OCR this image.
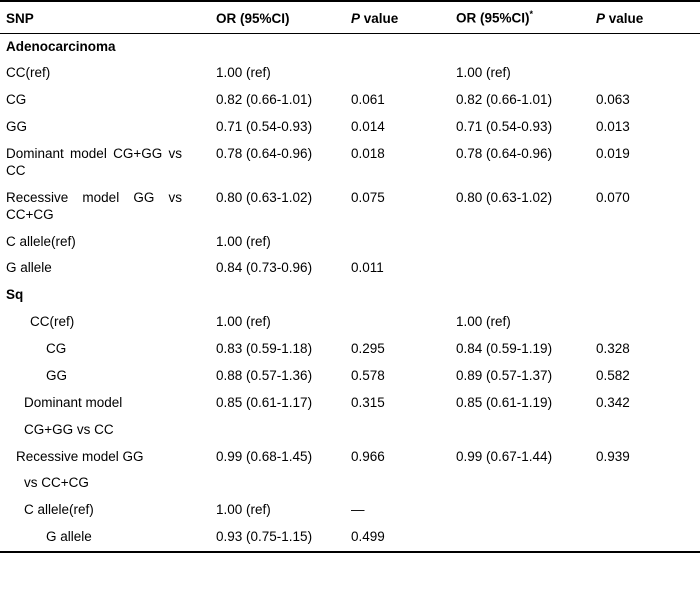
SNP	OR (95%CI)	P value	OR (95%CI)*	P value
Adenocarcinoma				
CC(ref)	1.00 (ref)		1.00 (ref)	
CG	0.82 (0.66-1.01)	0.061	0.82 (0.66-1.01)	0.063
GG	0.71 (0.54-0.93)	0.014	0.71 (0.54-0.93)	0.013
Dominant model CG+GG vs CC	0.78 (0.64-0.96)	0.018	0.78 (0.64-0.96)	0.019
Recessive model GG vs CC+CG	0.80 (0.63-1.02)	0.075	0.80 (0.63-1.02)	0.070
C allele(ref)	1.00 (ref)			
G allele	0.84 (0.73-0.96)	0.011		
Sq				
CC(ref)	1.00 (ref)		1.00 (ref)	
CG	0.83 (0.59-1.18)	0.295	0.84 (0.59-1.19)	0.328
GG	0.88 (0.57-1.36)	0.578	0.89 (0.57-1.37)	0.582
Dominant model	0.85 (0.61-1.17)	0.315	0.85 (0.61-1.19)	0.342
CG+GG vs CC				
Recessive model GG	0.99 (0.68-1.45)	0.966	0.99 (0.67-1.44)	0.939
vs CC+CG				
C allele(ref)	1.00 (ref)	—		
G allele	0.93 (0.75-1.15)	0.499		
